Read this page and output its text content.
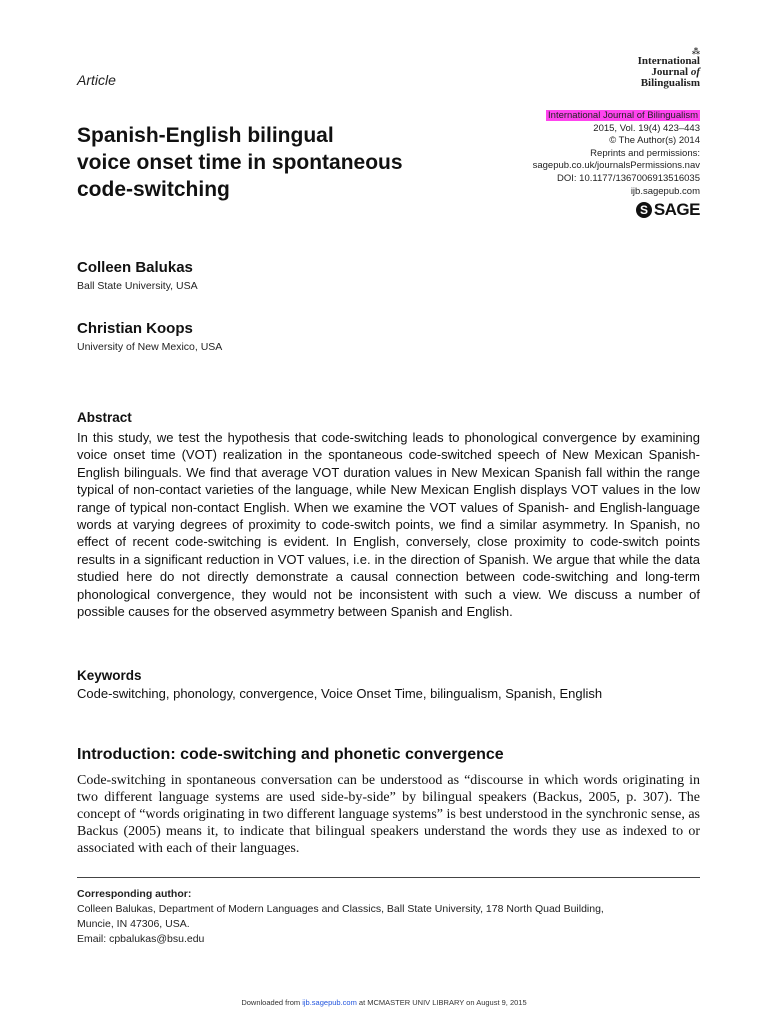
⁂
International
Journal of
Bilingualism
Article
International Journal of Bilingualism
2015, Vol. 19(4) 423–443
© The Author(s) 2014
Reprints and permissions:
sagepub.co.uk/journalsPermissions.nav
DOI: 10.1177/1367006913516035
ijb.sagepub.com
S SAGE
Spanish-English bilingual
voice onset time in spontaneous
code-switching
Colleen Balukas
Ball State University, USA
Christian Koops
University of New Mexico, USA
Abstract

In this study, we test the hypothesis that code-switching leads to phonological convergence by examining voice onset time (VOT) realization in the spontaneous code-switched speech of New Mexican Spanish-English bilinguals. We find that average VOT duration values in New Mexican Spanish fall within the range typical of non-contact varieties of the language, while New Mexican English displays VOT values in the low range of typical non-contact English. When we examine the VOT values of Spanish- and English-language words at varying degrees of proximity to code-switch points, we find a similar asymmetry. In Spanish, no effect of recent code-switching is evident. In English, conversely, close proximity to code-switch points results in a significant reduction in VOT values, i.e. in the direction of Spanish. We argue that while the data studied here do not directly demonstrate a causal connection between code-switching and long-term phonological convergence, they would not be inconsistent with such a view. We discuss a number of possible causes for the observed asymmetry between Spanish and English.

Keywords
Code-switching, phonology, convergence, Voice Onset Time, bilingualism, Spanish, English
Introduction: code-switching and phonetic convergence

Code-switching in spontaneous conversation can be understood as “discourse in which words originating in two different language systems are used side-by-side” by bilingual speakers (Backus, 2005, p. 307). The concept of “words originating in two different language systems” is best understood in the synchronic sense, as Backus (2005) means it, to indicate that bilingual speakers understand the words they use as indexed to or associated with each of their languages.

Corresponding author:
Colleen Balukas, Department of Modern Languages and Classics, Ball State University, 178 North Quad Building,
Muncie, IN 47306, USA.
Email: cpbalukas@bsu.edu
Downloaded from ijb.sagepub.com at MCMASTER UNIV LIBRARY on August 9, 2015
